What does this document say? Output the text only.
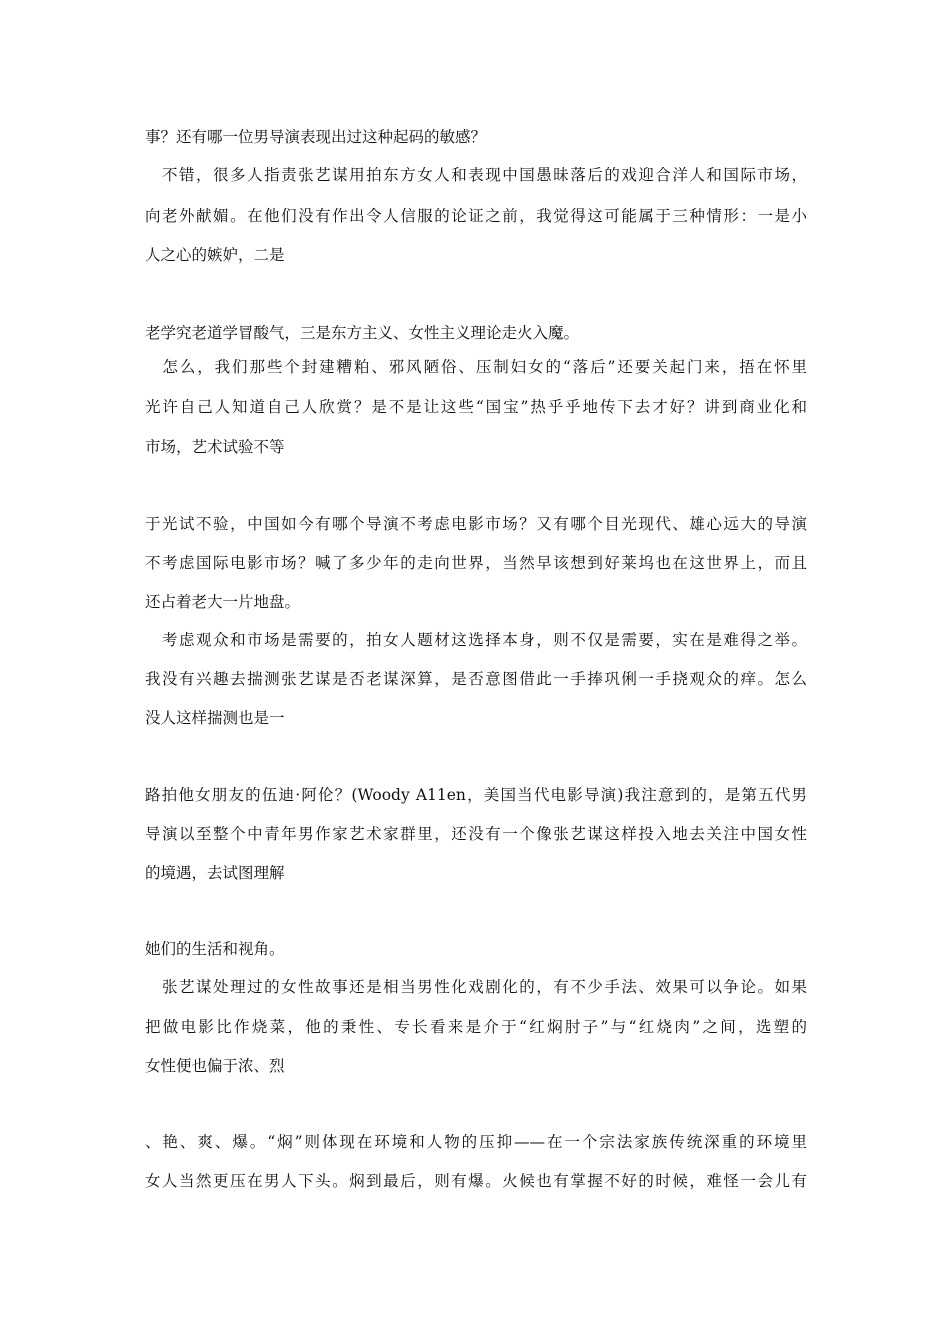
事？还有哪一位男导演表现出过这种起码的敏感？
　不错，很多人指责张艺谋用拍东方女人和表现中国愚昧落后的戏迎合洋人和国际市场，
向老外献媚。在他们没有作出令人信服的论证之前，我觉得这可能属于三种情形：一是小
人之心的嫉妒，二是
老学究老道学冒酸气，三是东方主义、女性主义理论走火入魔。
　怎么，我们那些个封建糟粕、邪风陋俗、压制妇女的“落后”还要关起门来，捂在怀里
光许自己人知道自己人欣赏？是不是让这些“国宝”热乎乎地传下去才好？讲到商业化和
市场，艺术试验不等
于光试不验，中国如今有哪个导演不考虑电影市场？又有哪个目光现代、雄心远大的导演
不考虑国际电影市场？喊了多少年的走向世界，当然早该想到好莱坞也在这世界上，而且
还占着老大一片地盘。
　考虑观众和市场是需要的，拍女人题材这选择本身，则不仅是需要，实在是难得之举。
我没有兴趣去揣测张艺谋是否老谋深算，是否意图借此一手捧巩俐一手挠观众的痒。怎么
没人这样揣测也是一
路拍他女朋友的伍迪·阿伦？(Woody A11en，美国当代电影导演)我注意到的，是第五代男
导演以至整个中青年男作家艺术家群里，还没有一个像张艺谋这样投入地去关注中国女性
的境遇，去试图理解
她们的生活和视角。
　张艺谋处理过的女性故事还是相当男性化戏剧化的，有不少手法、效果可以争论。如果
把做电影比作烧菜，他的秉性、专长看来是介于“红焖肘子”与“红烧肉”之间，选塑的
女性便也偏于浓、烈
、艳、爽、爆。“焖”则体现在环境和人物的压抑——在一个宗法家族传统深重的环境里
女人当然更压在男人下头。焖到最后，则有爆。火候也有掌握不好的时候，难怪一会儿有
